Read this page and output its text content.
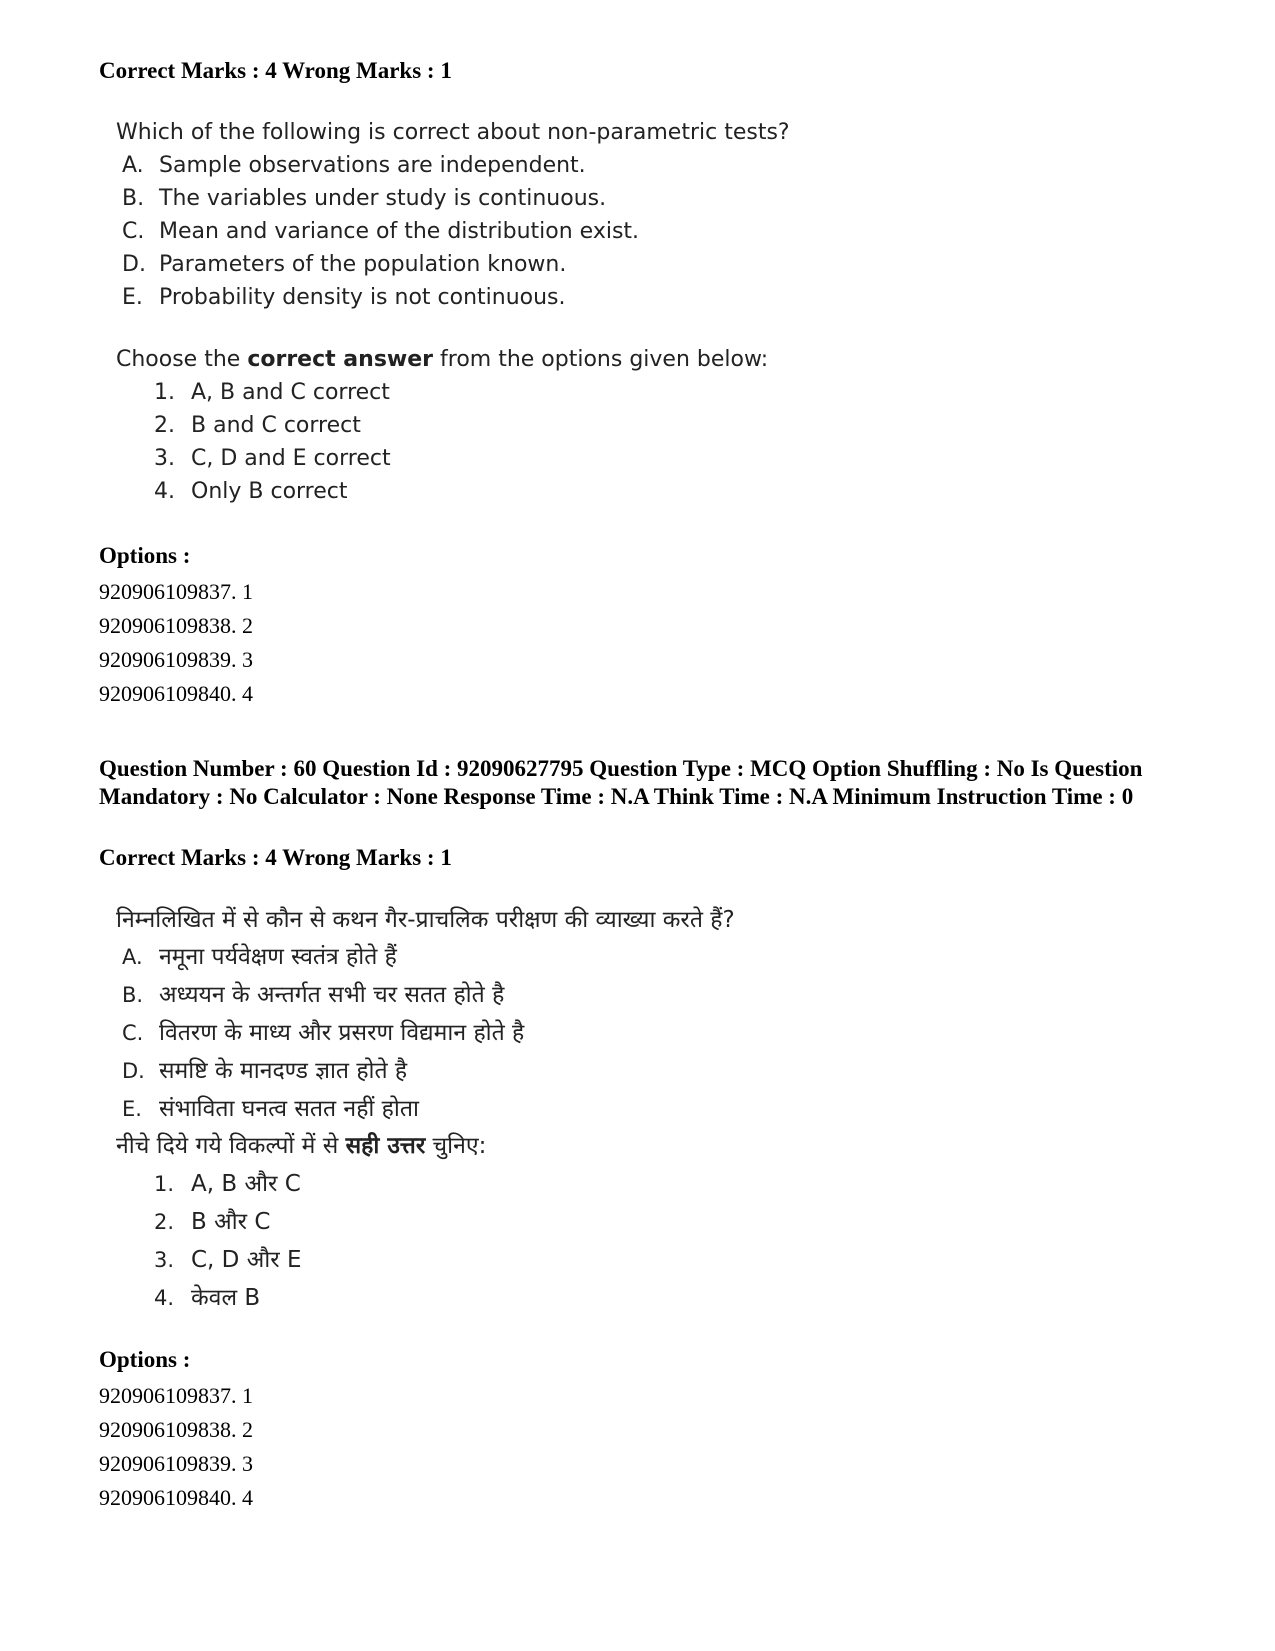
Correct Marks : 4 Wrong Marks : 1
Which of the following is correct about non-parametric tests?
A. Sample observations are independent.
B. The variables under study is continuous.
C. Mean and variance of the distribution exist.
D. Parameters of the population known.
E. Probability density is not continuous.
Choose the correct answer from the options given below:
1. A, B and C correct
2. B and C correct
3. C, D and E correct
4. Only B correct
Options :
920906109837. 1
920906109838. 2
920906109839. 3
920906109840. 4
Question Number : 60 Question Id : 92090627795 Question Type : MCQ Option Shuffling : No Is Question Mandatory : No Calculator : None Response Time : N.A Think Time : N.A Minimum Instruction Time : 0
Correct Marks : 4 Wrong Marks : 1
निम्नलिखित में से कौन से कथन गैर-प्राचलिक परीक्षण की व्याख्या करते हैं?
A. नमूना पर्यवेक्षण स्वतंत्र होते हैं
B. अध्ययन के अन्तर्गत सभी चर सतत होते है
C. वितरण के माध्य और प्रसरण विद्यमान होते है
D. समष्टि के मानदण्ड ज्ञात होते है
E. संभाविता घनत्व सतत नहीं होता
नीचे दिये गये विकल्पों में से सही उत्तर चुनिए:
1. A, B और C
2. B और C
3. C, D और E
4. केवल B
Options :
920906109837. 1
920906109838. 2
920906109839. 3
920906109840. 4
